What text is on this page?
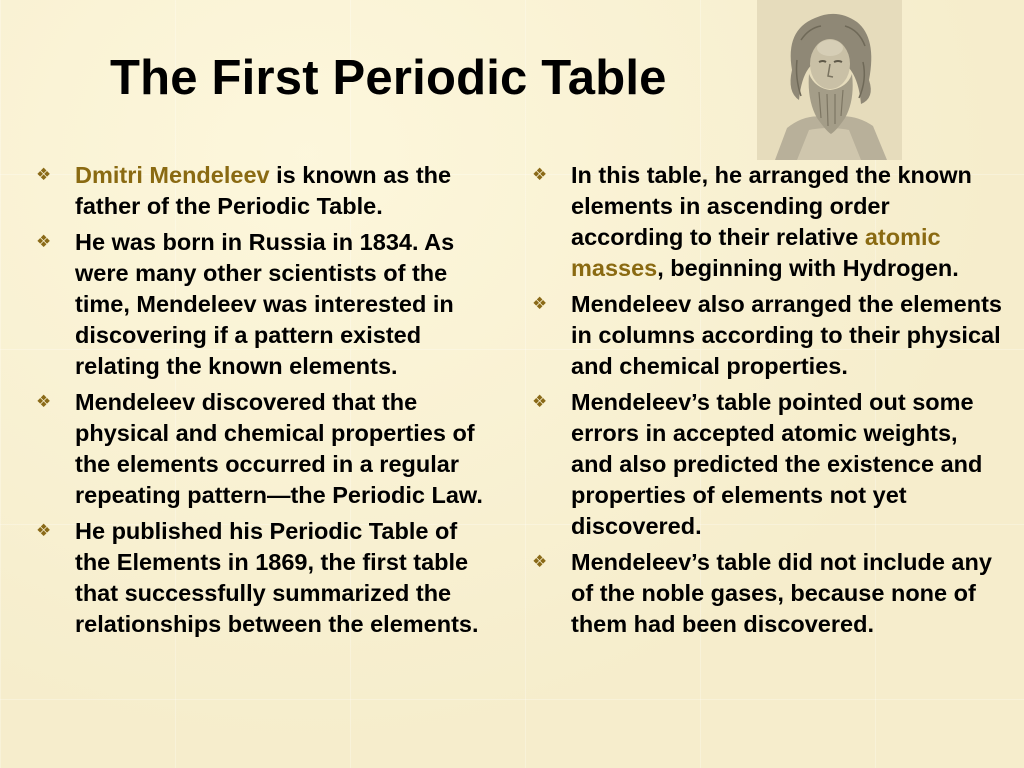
The First Periodic Table
❖ Dmitri Mendeleev is known as the father of the Periodic Table.
❖ He was born in Russia in 1834. As were many other scientists of the time, Mendeleev was interested in discovering if a pattern existed relating the known elements.
❖ Mendeleev discovered that the physical and chemical properties of the elements occurred in a regular repeating pattern—the Periodic Law.
❖ He published his Periodic Table of the Elements in 1869, the first table that successfully summarized the relationships between the elements.
❖ In this table, he arranged the known elements in ascending order according to their relative atomic masses, beginning with Hydrogen.
❖ Mendeleev also arranged the elements in columns according to their physical and chemical properties.
❖ Mendeleev’s table pointed out some errors in accepted atomic weights, and also predicted the existence and properties of elements not yet discovered.
❖ Mendeleev’s table did not include any of the noble gases, because none of them had been discovered.
